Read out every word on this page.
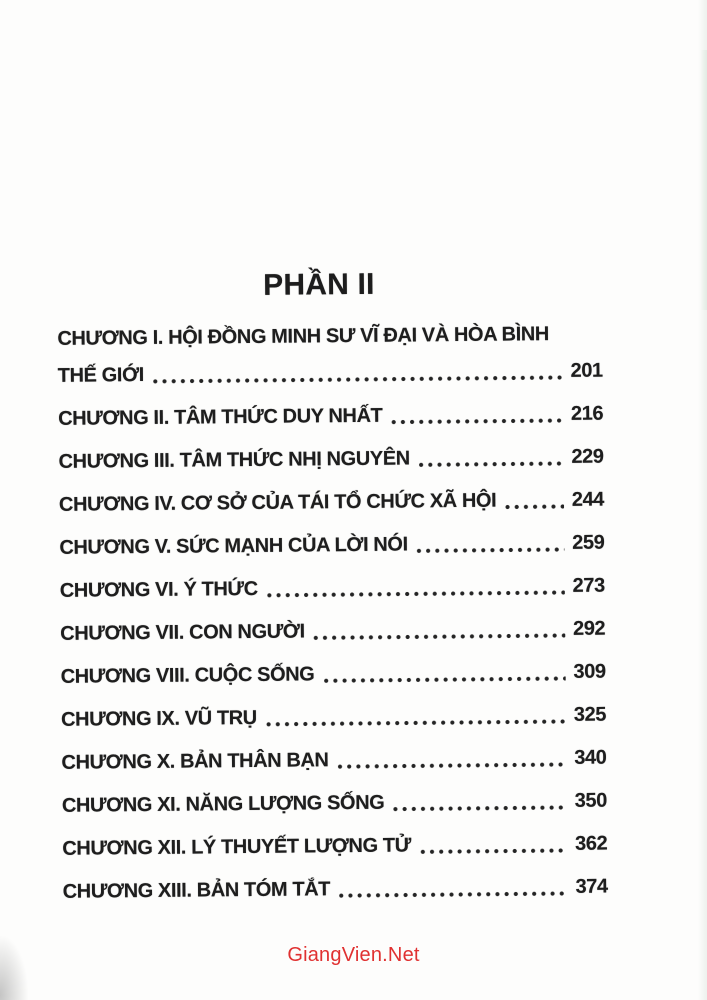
PHẦN II
CHƯƠNG I. HỘI ĐỒNG MINH SƯ VĨ ĐẠI VÀ HÒA BÌNH
THẾ GIỚI	201
CHƯƠNG II. TÂM THỨC DUY NHẤT	216
CHƯƠNG III. TÂM THỨC NHỊ NGUYÊN	229
CHƯƠNG IV. CƠ SỞ CỦA TÁI TỔ CHỨC XÃ HỘI	244
CHƯƠNG V. SỨC MẠNH CỦA LỜI NÓI	259
CHƯƠNG VI. Ý THỨC	273
CHƯƠNG VII. CON NGƯỜI	292
CHƯƠNG VIII. CUỘC SỐNG	309
CHƯƠNG IX. VŨ TRỤ	325
CHƯƠNG X. BẢN THÂN BẠN	340
CHƯƠNG XI. NĂNG LƯỢNG SỐNG	350
CHƯƠNG XII. LÝ THUYẾT LƯỢNG TỬ	362
CHƯƠNG XIII. BẢN TÓM TẮT	374
GiangVien.Net
